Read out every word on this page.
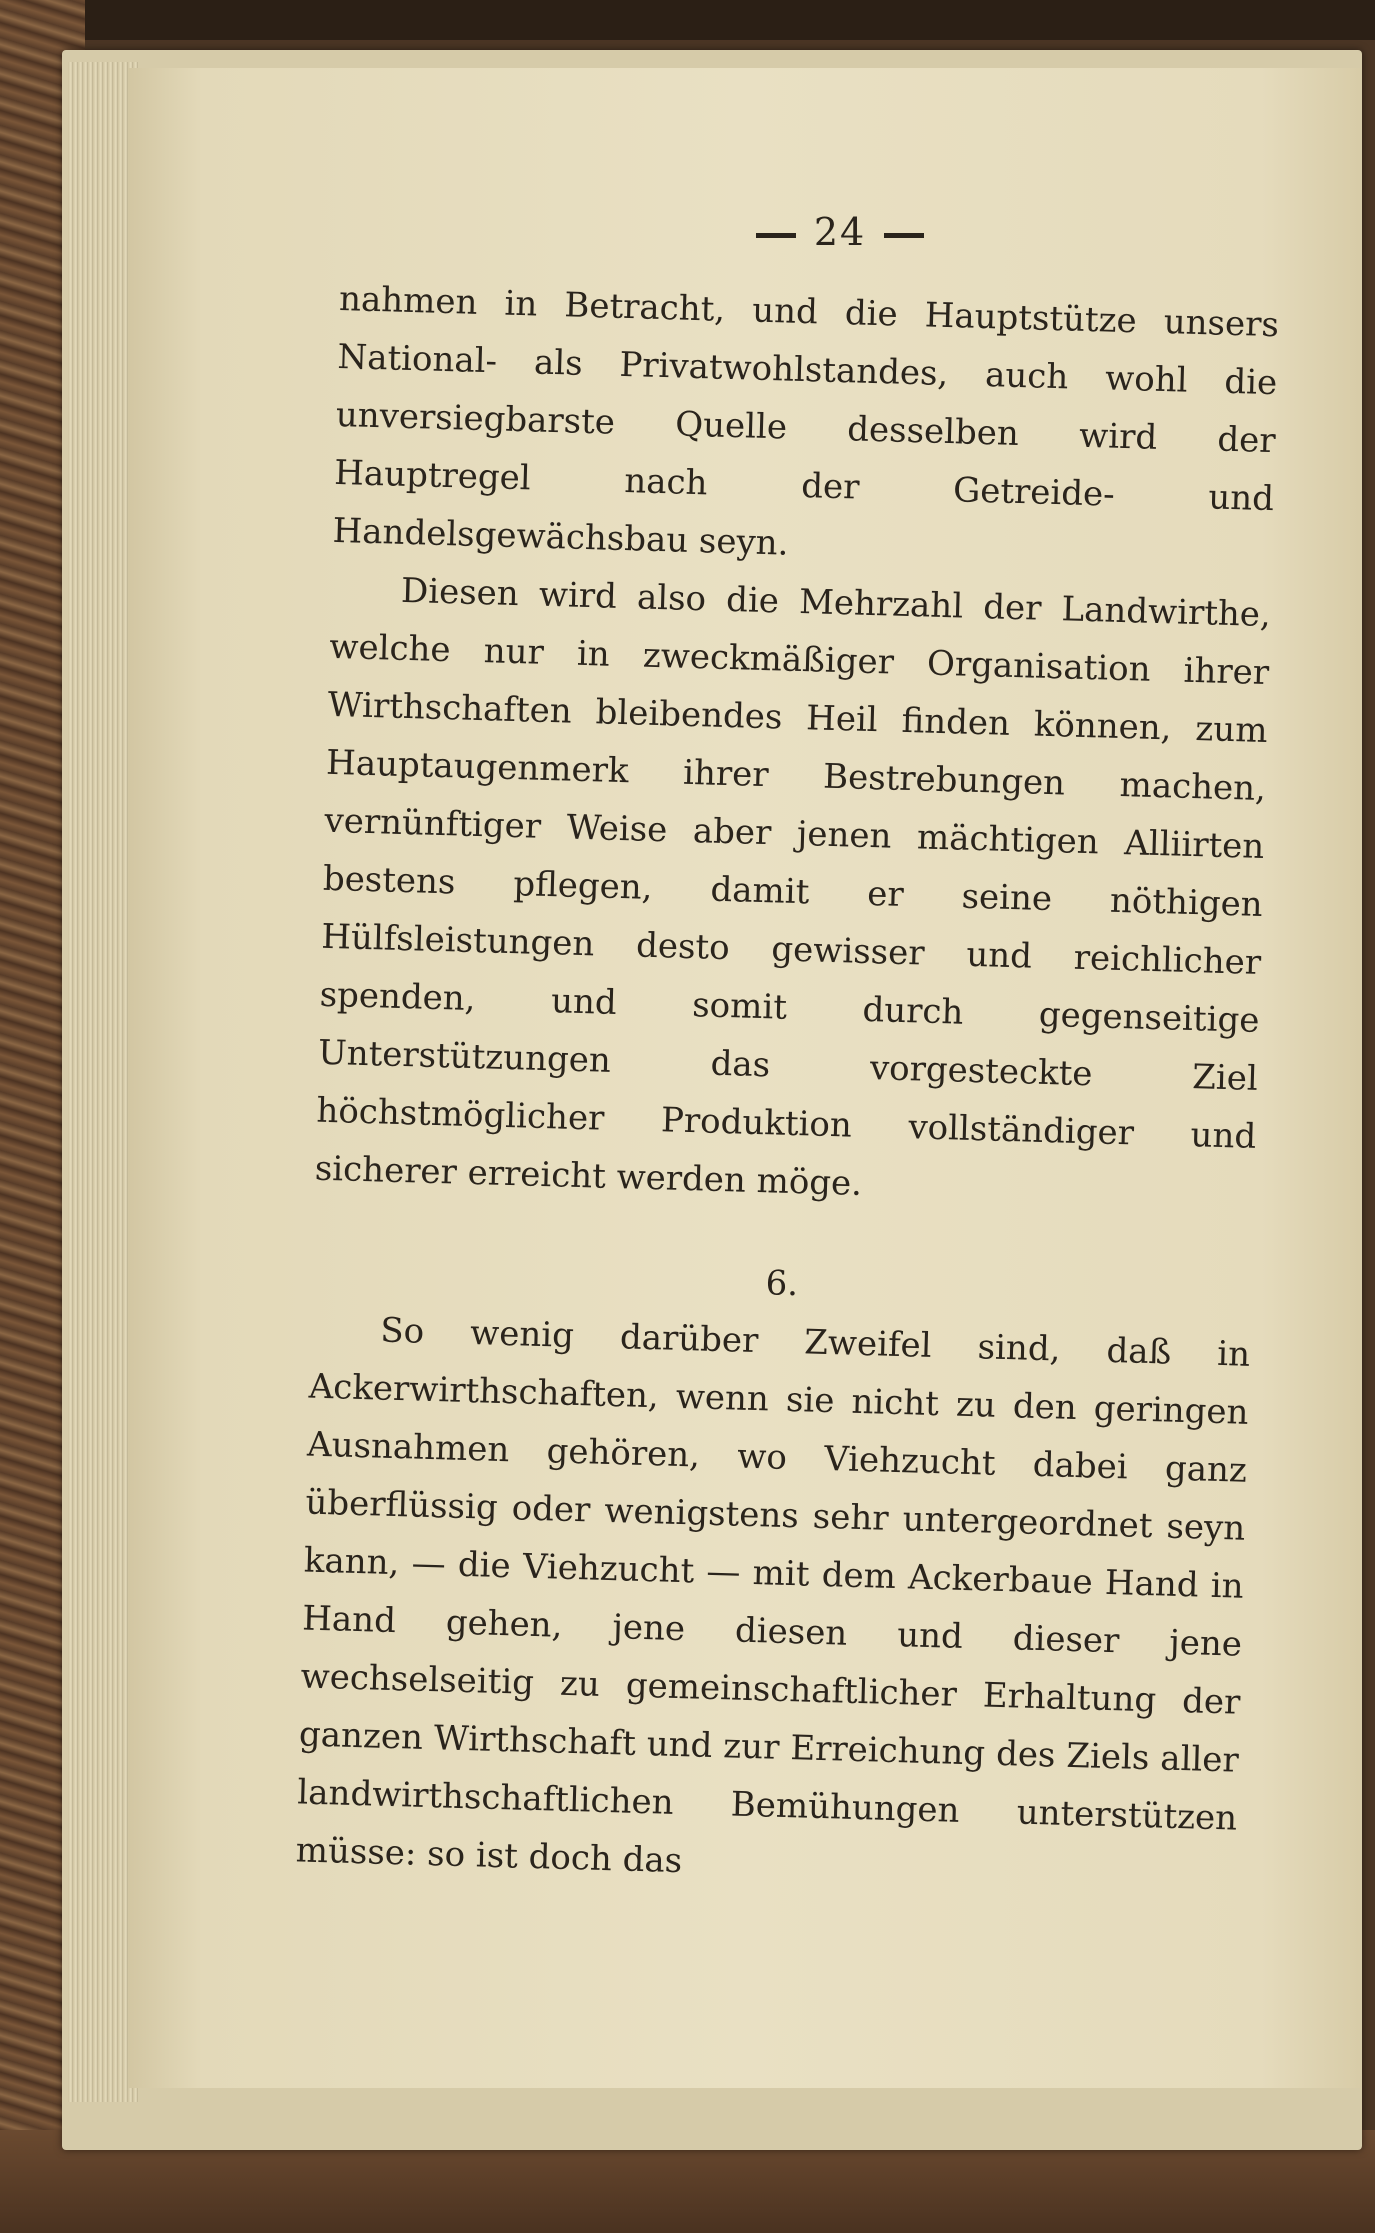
24

nahmen in Betracht, und die Hauptstütze unsers National- als Privatwohlstandes, auch wohl die unversiegbarste Quelle desselben wird der Hauptregel nach der Getreide- und Handelsgewächsbau seyn.

Diesen wird also die Mehrzahl der Landwirthe, welche nur in zweckmäßiger Organisation ihrer Wirthschaften bleibendes Heil finden können, zum Hauptaugenmerk ihrer Bestrebungen machen, vernünftiger Weise aber jenen mächtigen Alliirten bestens pflegen, damit er seine nöthigen Hülfsleistungen desto gewisser und reichlicher spenden, und somit durch gegenseitige Unterstützungen das vorgesteckte Ziel höchstmöglicher Produktion vollständiger und sicherer erreicht werden möge.

6.

So wenig darüber Zweifel sind, daß in Ackerwirthschaften, wenn sie nicht zu den geringen Ausnahmen gehören, wo Viehzucht dabei ganz überflüssig oder wenigstens sehr untergeordnet seyn kann, — die Viehzucht — mit dem Ackerbaue Hand in Hand gehen, jene diesen und dieser jene wechselseitig zu gemeinschaftlicher Erhaltung der ganzen Wirthschaft und zur Erreichung des Ziels aller landwirthschaftlichen Bemühungen unterstützen müsse: so ist doch das
